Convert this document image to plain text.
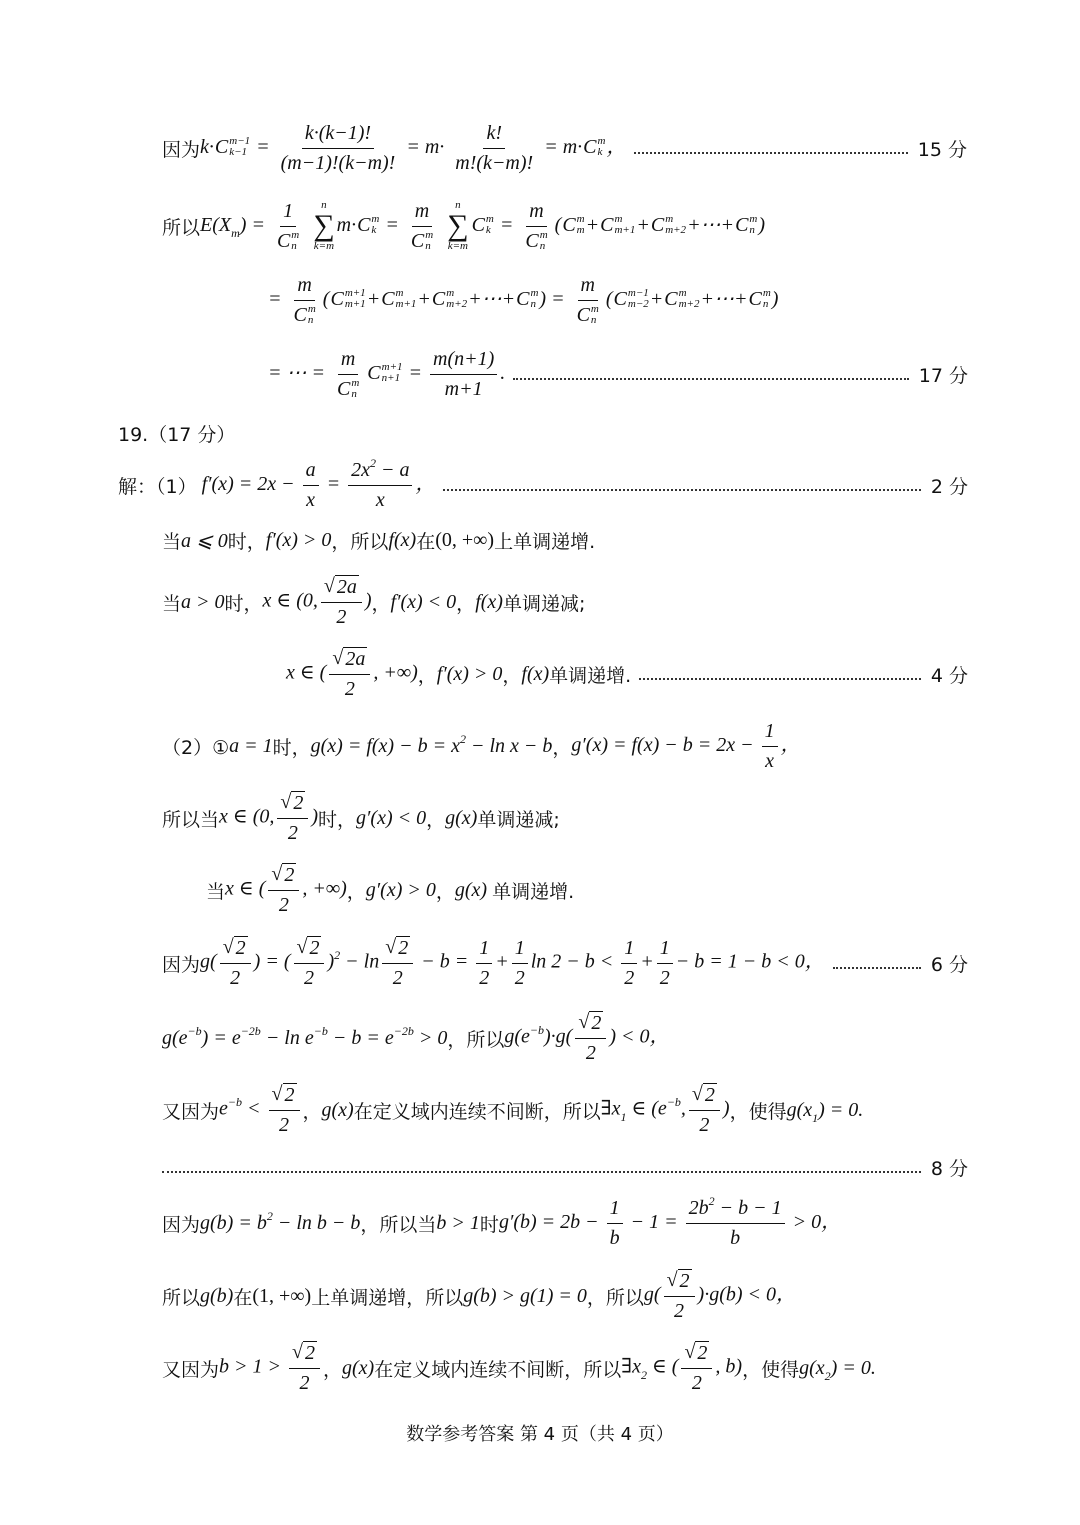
因为 k·C m−1
$k-1 = \frac{k\cdot(k-1)!}{(m-1)!(k-m)!} = m\cdot \frac{k!}{m!(k-m)!} = m\cdot C$ m
k ，	15 分
所以 $E(X_m) = 1$
C m
n
n
∑
k=m
m·C m
k = m
C m
n
n
∑
k=m
C m
k = m
C m
n (C m
m +C m
m+1 +C m
m+2 +⋯+C m
n )
= m
C m
n (C m+1
m+1 +C m
m+1 +C m
m+2 +⋯+C m
n ) = m
C m
n (C m−1
m−2 +C m
m+2 +⋯+C m
n )
= ⋯ = m
C m
n C m+1
$n+1 = \frac{m(n+1)}{m+1}$ .	17 分
19.（17 分）
解：（1） $f'(x) = 2x - \frac{a}{x} = \frac{2x^2 - a}{x}$ ，	2 分
当 a ⩽ 0 时， f′(x) > 0 ，所以 f(x) 在 (0, +∞) 上单调递增.
当 a > 0 时， x ∈ (0, $\frac{√ 2a}{2}$ ) ， f′(x) < 0 ， f(x) 单调递减;
x ∈ ( $\frac{√ 2a}{2}$ , +∞) ， f′(x) > 0 ， f(x) 单调递增.	4 分
（2）① a = 1 时， $g(x) = f(x) - b = x^2 - \ln x - b$ ， $g'(x) = f(x) - b = 2x - \frac{1}{x}$ ，
所以当 x ∈ (0, $\frac{√ 2}{2}$ ) 时， g′(x) < 0 ， g(x) 单调递减;
当 x ∈ ( $\frac{√ 2}{2}$ , +∞) ， g′(x) > 0 ， g(x) 单调递增.
因为 $g( \frac{√ 2}{2}$ ) = ( $\frac{√ 2}{2} )^2 - \ln \frac{√ 2}{2} - b = \frac{1}{2} + \frac{1}{2}$ $\ln 2 - b < \frac{1}{2} + \frac{1}{2} - b = 1 - b < 0$，	6 分
$g(e^{-b}) = e^{-2b} - \ln e^{-b} - b = e^{-2b} > 0$ ，所以 $g(e^{-b})\cdot g( \frac{√ 2}{2}$ ) < 0，
又因为 $e^{-b} < \frac{√ 2}{2}$ ， g(x) 在定义域内连续不间断，所以 $\exists x_1$ ∈ ($e^{-b}$, $\frac{√ 2}{2}$ ) ，使得 $g(x_1) = 0$.
8 分
因为 $g(b) = b^2 - \ln b - b$ ，所以当 b > 1 时 $g'(b) = 2b - \frac{1}{b} - 1 = \frac{2b^2 - b - 1}{b} > 0$，
所以 g(b) 在 (1, +∞) 上单调递增，所以 g(b) > g(1) = 0 ，所以 $g( \frac{√ 2}{2} )\cdot g(b) < 0$，
又因为 $b > 1 > \frac{√ 2}{2}$ ， g(x) 在定义域内连续不间断，所以 $\exists x_2$ ∈ ( $\frac{√ 2}{2}$ , b) ，使得 $g(x_2) = 0$.
数学参考答案 第 4 页（共 4 页）
